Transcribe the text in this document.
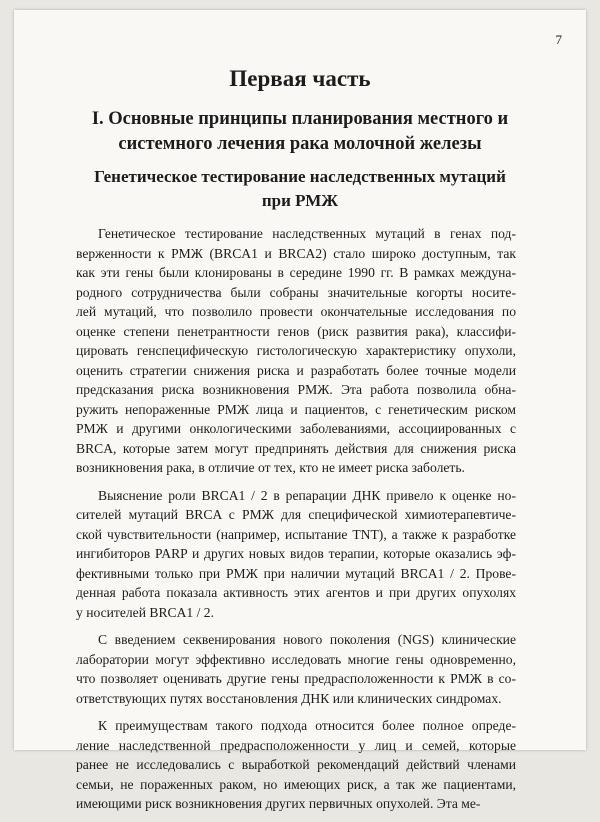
7
Первая часть
I. Основные принципы планирования местного и
системного лечения рака молочной железы
Генетическое тестирование наследственных мутаций
при РМЖ
Генетическое тестирование наследственных мутаций в генах под-
верженности к РМЖ (BRCA1 и BRCA2) стало широко доступным, так
как эти гены были клонированы в середине 1990 гг. В рамках междуна-
родного сотрудничества были собраны значительные когорты носите-
лей мутаций, что позволило провести окончательные исследования по
оценке степени пенетрантности генов (риск развития рака), классифи-
цировать генспецифическую гистологическую характеристику опухоли,
оценить стратегии снижения риска и разработать более точные модели
предсказания риска возникновения РМЖ. Эта работа позволила обна-
ружить непораженные РМЖ лица и пациентов, с генетическим риском
РМЖ и другими онкологическими заболеваниями, ассоциированных с
BRCA, которые затем могут предпринять действия для снижения риска
возникновения рака, в отличие от тех, кто не имеет риска заболеть.
Выяснение роли BRCA1 / 2 в репарации ДНК привело к оценке но-
сителей мутаций BRCA с РМЖ для специфической химиотерапевтиче-
ской чувствительности (например, испытание TNT), а также к разработке
ингибиторов PARP и других новых видов терапии, которые оказались эф-
фективными только при РМЖ при наличии мутаций BRCA1 / 2. Прове-
денная работа показала активность этих агентов и при других опухолях
у носителей BRCA1 / 2.
С введением секвенирования нового поколения (NGS) клинические
лаборатории могут эффективно исследовать многие гены одновременно,
что позволяет оценивать другие гены предрасположенности к РМЖ в со-
ответствующих путях восстановления ДНК или клинических синдромах.
К преимуществам такого подхода относится более полное опреде-
ление наследственной предрасположенности у лиц и семей, которые
ранее не исследовались с выработкой рекомендаций действий членами
семьи, не пораженных раком, но имеющих риск, а так же пациентами,
имеющими риск возникновения других первичных опухолей. Эта ме-
